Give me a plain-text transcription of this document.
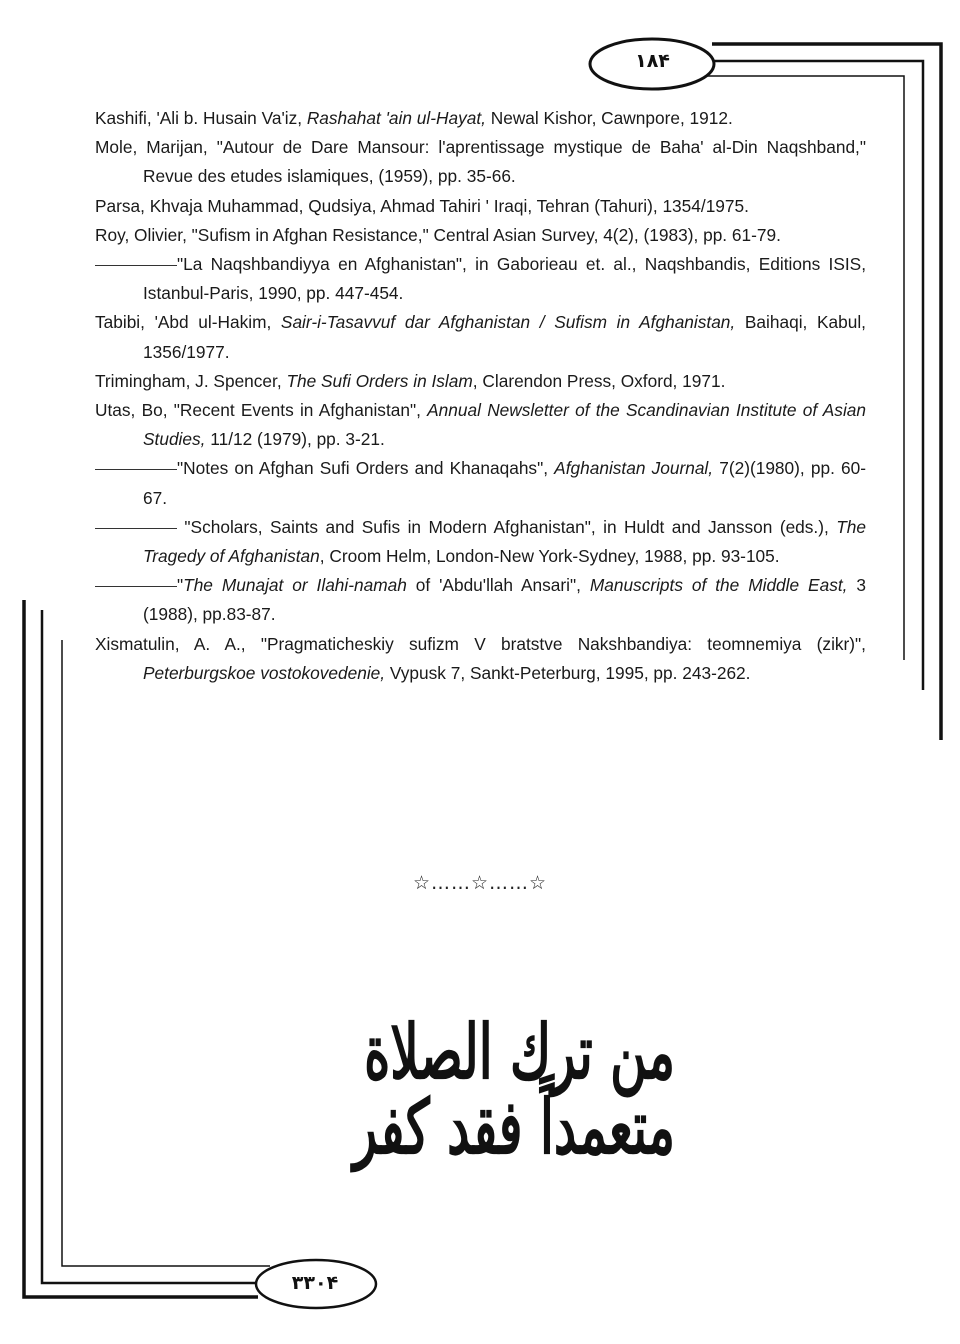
۱۸۴
۳۳۰۴

Kashifi, 'Ali b. Husain Va'iz, Rashahat 'ain ul-Hayat, Newal Kishor, Cawnpore, 1912.

Mole, Marijan, "Autour de Dare Mansour: l'aprentissage mystique de Baha' al-Din Naqshband," Revue des etudes islamiques, (1959), pp. 35-66.

Parsa, Khvaja Muhammad, Qudsiya, Ahmad Tahiri ' Iraqi, Tehran (Tahuri), 1354/1975.

Roy, Olivier, "Sufism in Afghan Resistance," Central Asian Survey, 4(2), (1983), pp. 61-79.

"La Naqshbandiyya en Afghanistan", in Gaborieau et. al., Naqshbandis, Editions ISIS, Istanbul-Paris, 1990, pp. 447-454.

Tabibi, 'Abd ul-Hakim, Sair-i-Tasavvuf dar Afghanistan / Sufism in Afghanistan, Baihaqi, Kabul, 1356/1977.

Trimingham, J. Spencer, The Sufi Orders in Islam, Clarendon Press, Oxford, 1971.

Utas, Bo, "Recent Events in Afghanistan", Annual Newsletter of the Scandinavian Institute of Asian Studies, 11/12 (1979), pp. 3-21.

"Notes on Afghan Sufi Orders and Khanaqahs", Afghanistan Journal, 7(2)(1980), pp. 60-67.

"Scholars, Saints and Sufis in Modern Afghanistan", in Huldt and Jansson (eds.), The Tragedy of Afghanistan, Croom Helm, London-New York-Sydney, 1988, pp. 93-105.

"The Munajat or Ilahi-namah of 'Abdu'llah Ansari", Manuscripts of the Middle East, 3 (1988), pp.83-87.

Xismatulin, A. A., "Pragmaticheskiy sufizm V bratstve Nakshbandiya: teomnemiya (zikr)", Peterburgskoe vostokovedenie, Vypusk 7, Sankt-Peterburg, 1995, pp. 243-262.

☆……☆……☆
من ترك الصلاة متعمداً فقد كفر
